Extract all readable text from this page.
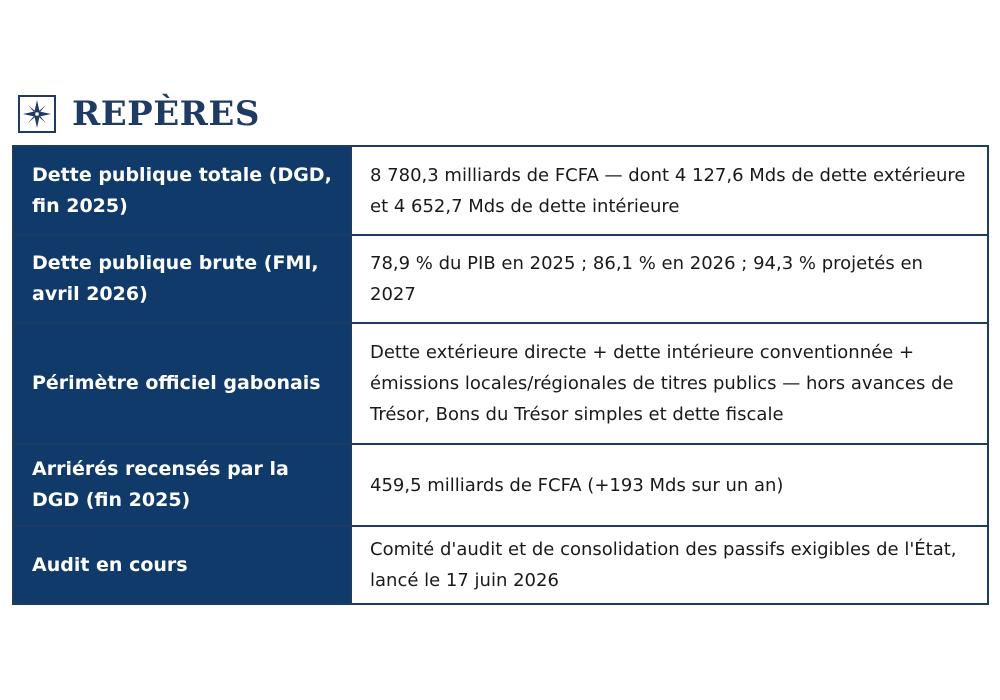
REPÈRES
Dette publique totale (DGD, fin 2025)	8 780,3 milliards de FCFA — dont 4 127,6 Mds de dette extérieure et 4 652,7 Mds de dette intérieure
Dette publique brute (FMI, avril 2026)	78,9 % du PIB en 2025 ; 86,1 % en 2026 ; 94,3 % projetés en 2027
Périmètre officiel gabonais	Dette extérieure directe + dette intérieure conventionnée + émissions locales/régionales de titres publics — hors avances de Trésor, Bons du Trésor simples et dette fiscale
Arriérés recensés par la DGD (fin 2025)	459,5 milliards de FCFA (+193 Mds sur un an)
Audit en cours	Comité d'audit et de consolidation des passifs exigibles de l'État, lancé le 17 juin 2026
